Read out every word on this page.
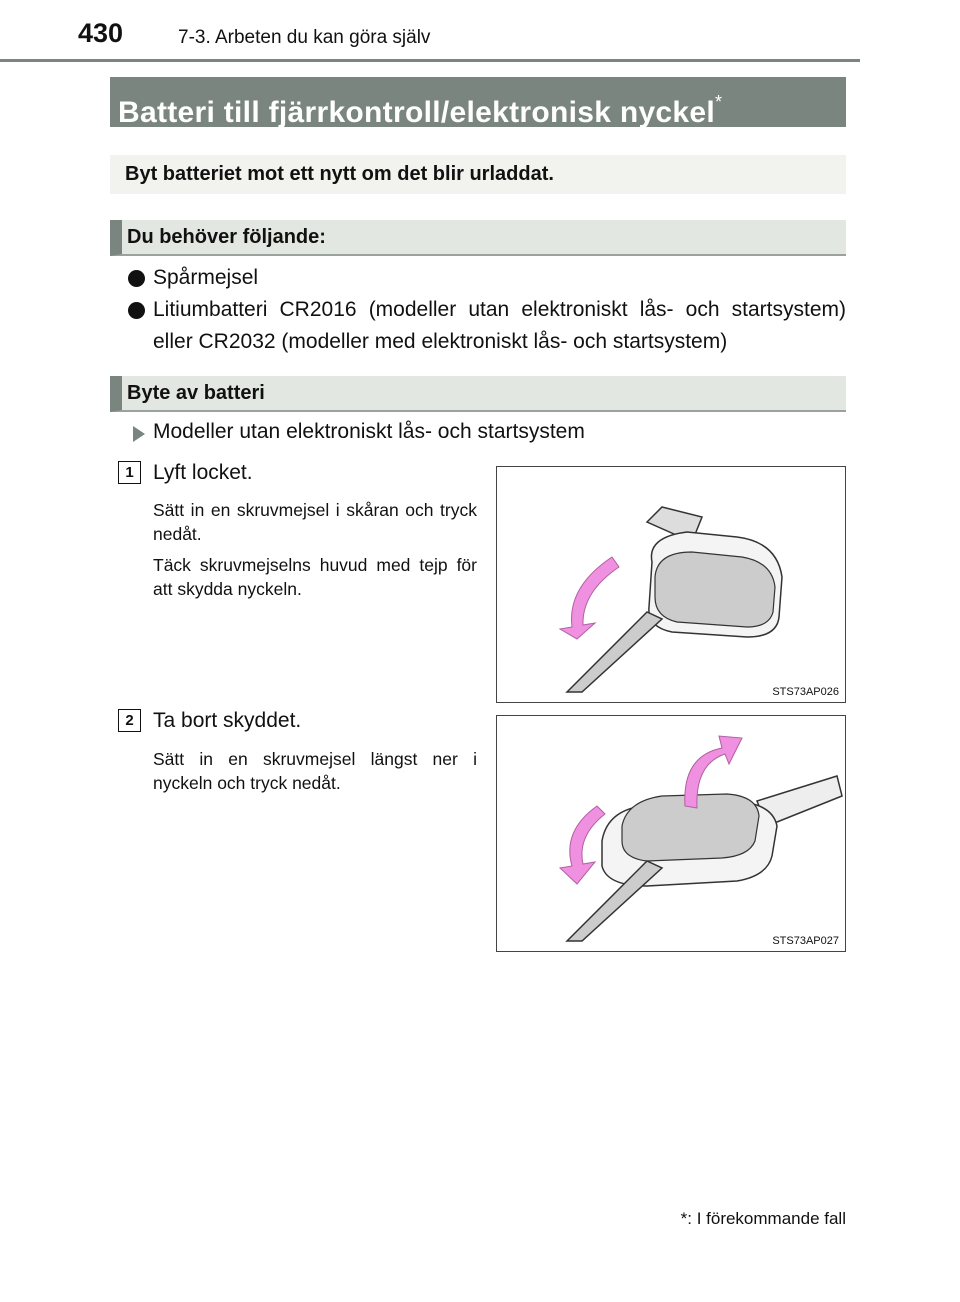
430	7-3. Arbeten du kan göra själv
Batteri till fjärrkontroll/elektronisk nyckel*
Byt batteriet mot ett nytt om det blir urladdat.
Du behöver följande:
Spårmejsel
Litiumbatteri CR2016 (modeller utan elektroniskt lås- och startsystem) eller CR2032 (modeller med elektroniskt lås- och startsystem)
Byte av batteri
Modeller utan elektroniskt lås- och startsystem
1 Lyft locket.
Sätt in en skruvmejsel i skåran och tryck nedåt.
Täck skruvmejselns huvud med tejp för att skydda nyckeln.
STS73AP026
2 Ta bort skyddet.
Sätt in en skruvmejsel längst ner i nyckeln och tryck nedåt.
STS73AP027
*: I förekommande fall
